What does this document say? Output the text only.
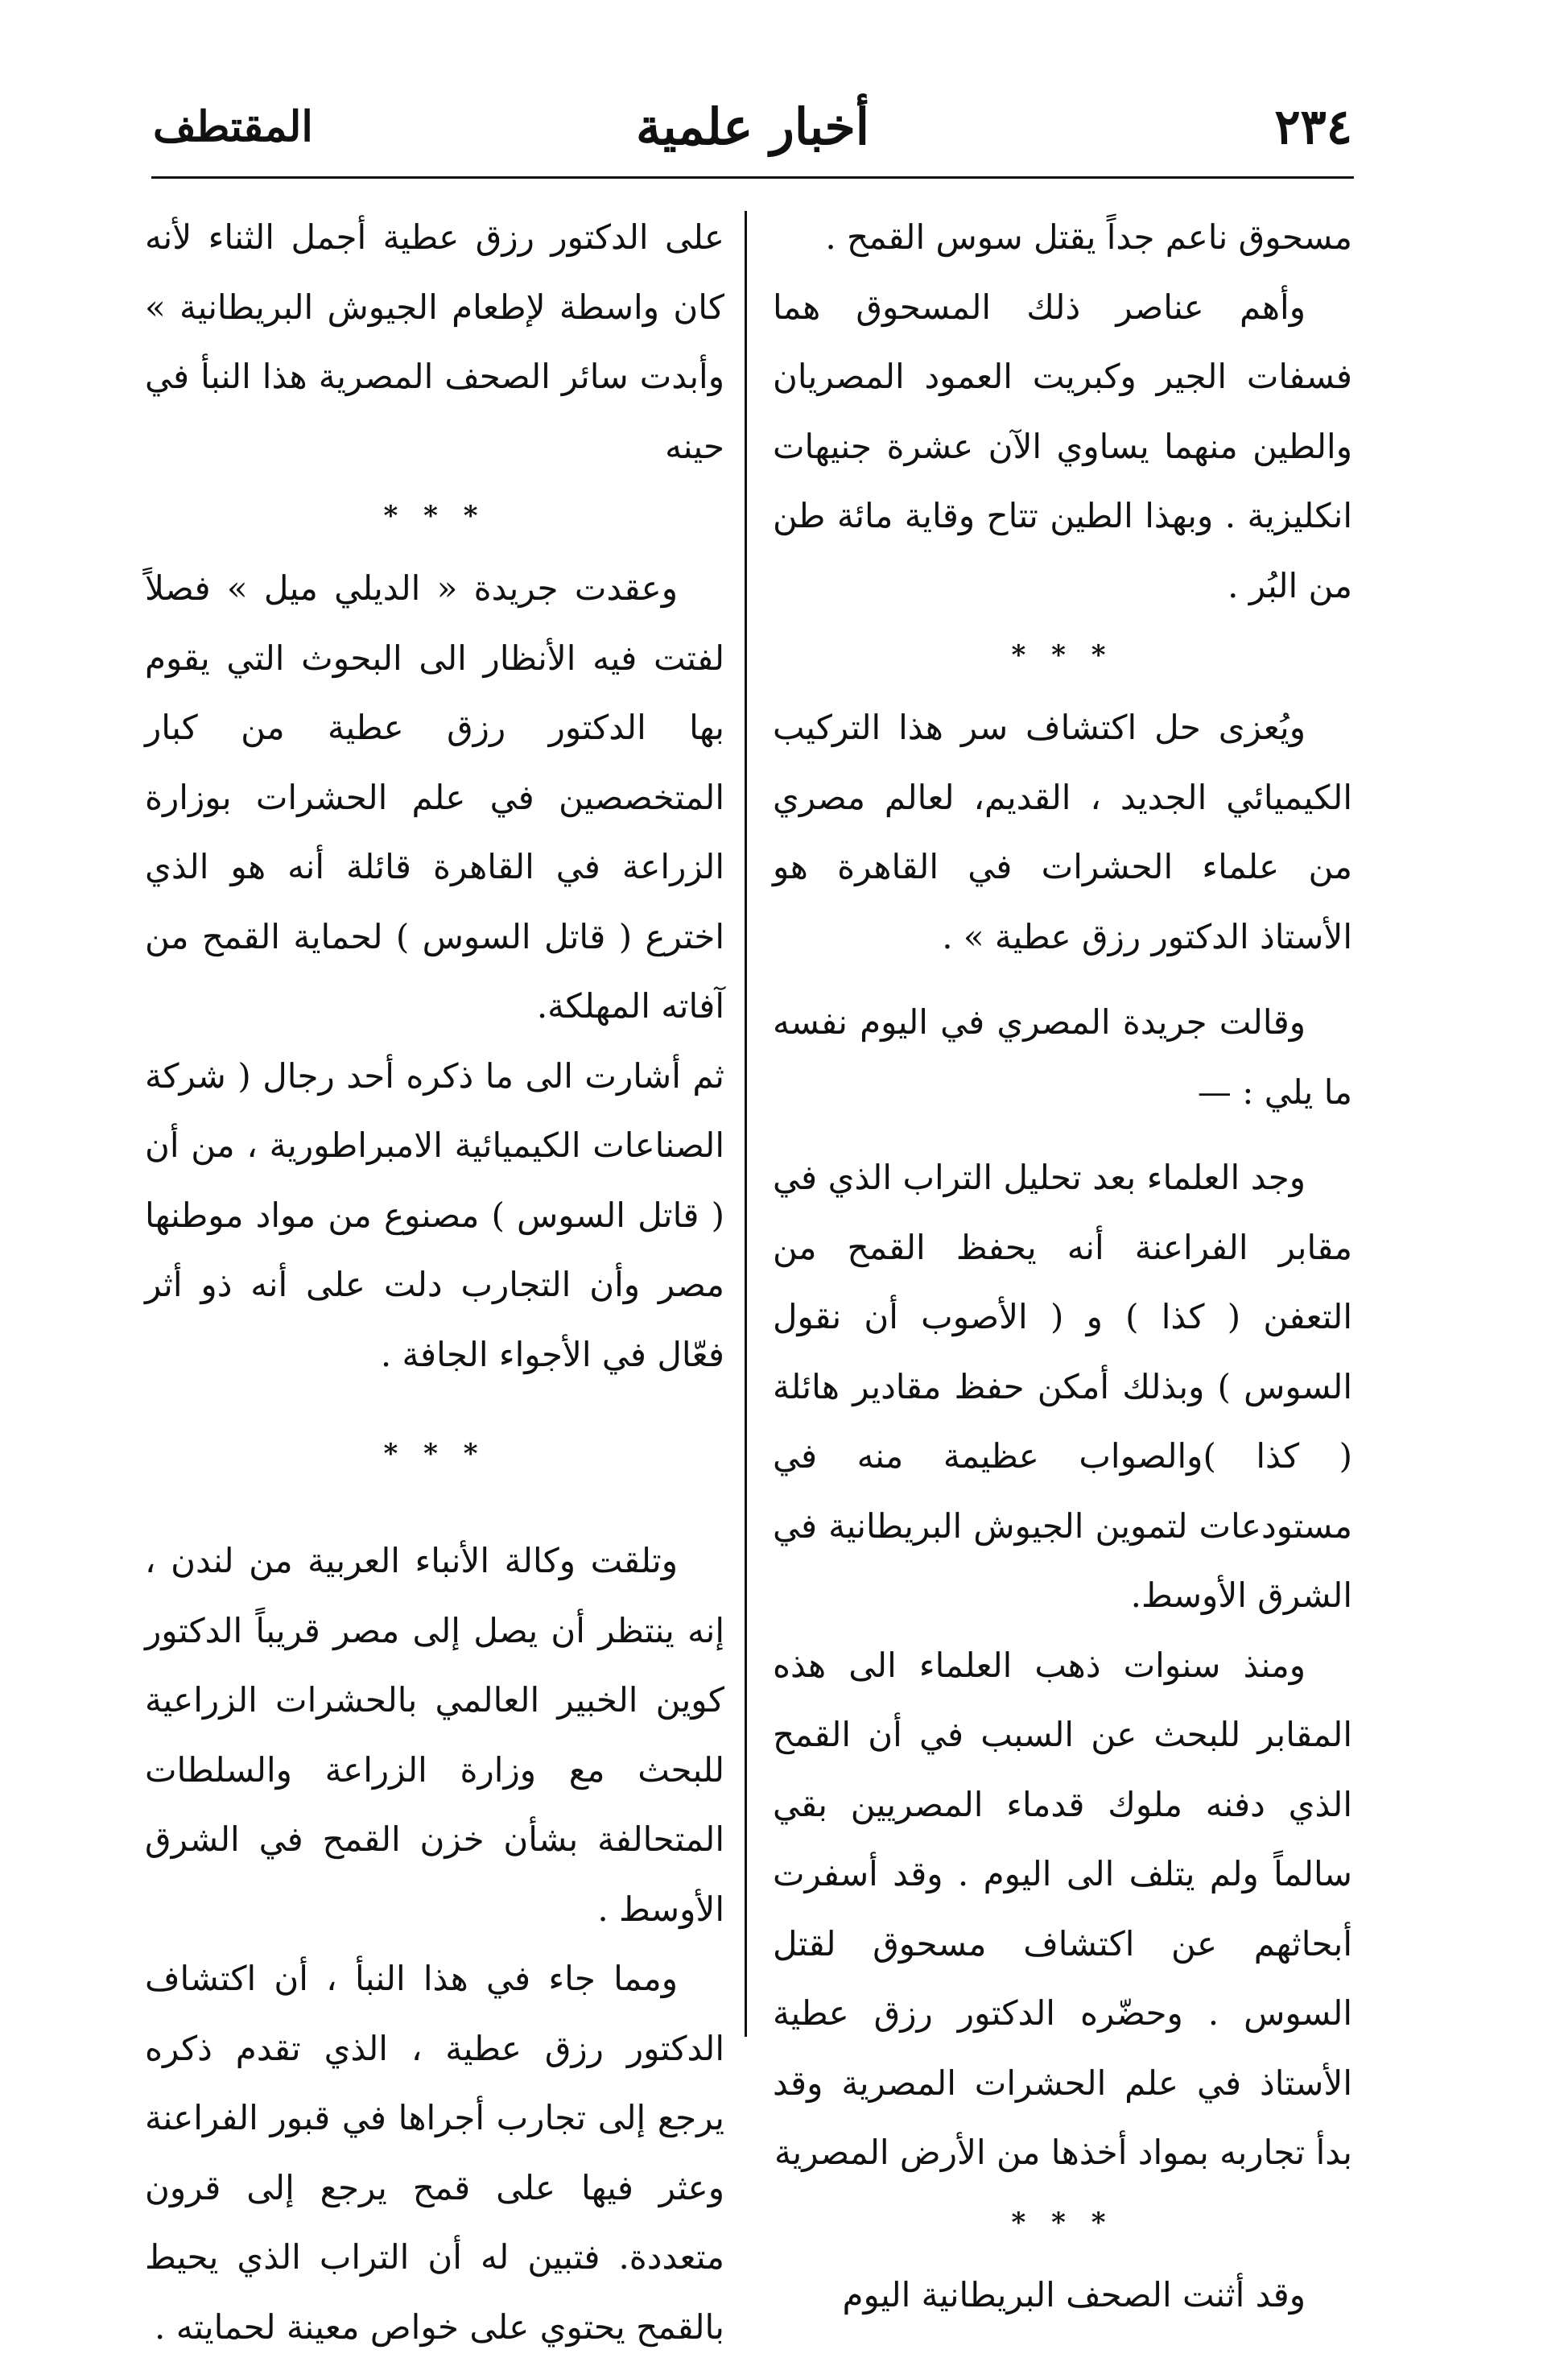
٢٣٤
أخبار علمية
المقتطف

مسحوق ناعم جداً يقتل سوس القمح .

وأهم عناصر ذلك المسحوق هما فسفات الجير وكبريت العمود المصريان والطين منهما يساوي الآن عشرة جنيهات انكليزية . وبهذا الطين تتاح وقاية مائة طن من البُر .

* * *

ويُعزى حل اكتشاف سر هذا التركيب الكيميائي الجديد ، القديم، لعالم مصري من علماء الحشرات في القاهرة هو الأستاذ الدكتور رزق عطية » .

وقالت جريدة المصري في اليوم نفسه ما يلي : —

وجد العلماء بعد تحليل التراب الذي في مقابر الفراعنة أنه يحفظ القمح من التعفن ( كذا ) و ( الأصوب أن نقول السوس ) وبذلك أمكن حفظ مقادير هائلة ( كذا )والصواب عظيمة منه في مستودعات لتموين الجيوش البريطانية في الشرق الأوسط.

ومنذ سنوات ذهب العلماء الى هذه المقابر للبحث عن السبب في أن القمح الذي دفنه ملوك قدماء المصريين بقي سالماً ولم يتلف الى اليوم . وقد أسفرت أبحاثهم عن اكتشاف مسحوق لقتل السوس . وحضّره الدكتور رزق عطية الأستاذ في علم الحشرات المصرية وقد بدأ تجاربه بمواد أخذها من الأرض المصرية

* * *

وقد أثنت الصحف البريطانية اليوم

على الدكتور رزق عطية أجمل الثناء لأنه كان واسطة لإطعام الجيوش البريطانية » وأبدت سائر الصحف المصرية هذا النبأ في حينه

* * *

وعقدت جريدة « الديلي ميل » فصلاً لفتت فيه الأنظار الى البحوث التي يقوم بها الدكتور رزق عطية من كبار المتخصصين في علم الحشرات بوزارة الزراعة في القاهرة قائلة أنه هو الذي اخترع ( قاتل السوس ) لحماية القمح من آفاته المهلكة.

ثم أشارت الى ما ذكره أحد رجال ( شركة الصناعات الكيميائية الامبراطورية ، من أن ( قاتل السوس ) مصنوع من مواد موطنها مصر وأن التجارب دلت على أنه ذو أثر فعّال في الأجواء الجافة .

* * *

وتلقت وكالة الأنباء العربية من لندن ، إنه ينتظر أن يصل إلى مصر قريباً الدكتور كوين الخبير العالمي بالحشرات الزراعية للبحث مع وزارة الزراعة والسلطات المتحالفة بشأن خزن القمح في الشرق الأوسط .

ومما جاء في هذا النبأ ، أن اكتشاف الدكتور رزق عطية ، الذي تقدم ذكره يرجع إلى تجارب أجراها في قبور الفراعنة وعثر فيها على قمح يرجع إلى قرون متعددة. فتبين له أن التراب الذي يحيط بالقمح يحتوي على خواص معينة لحمايته .
